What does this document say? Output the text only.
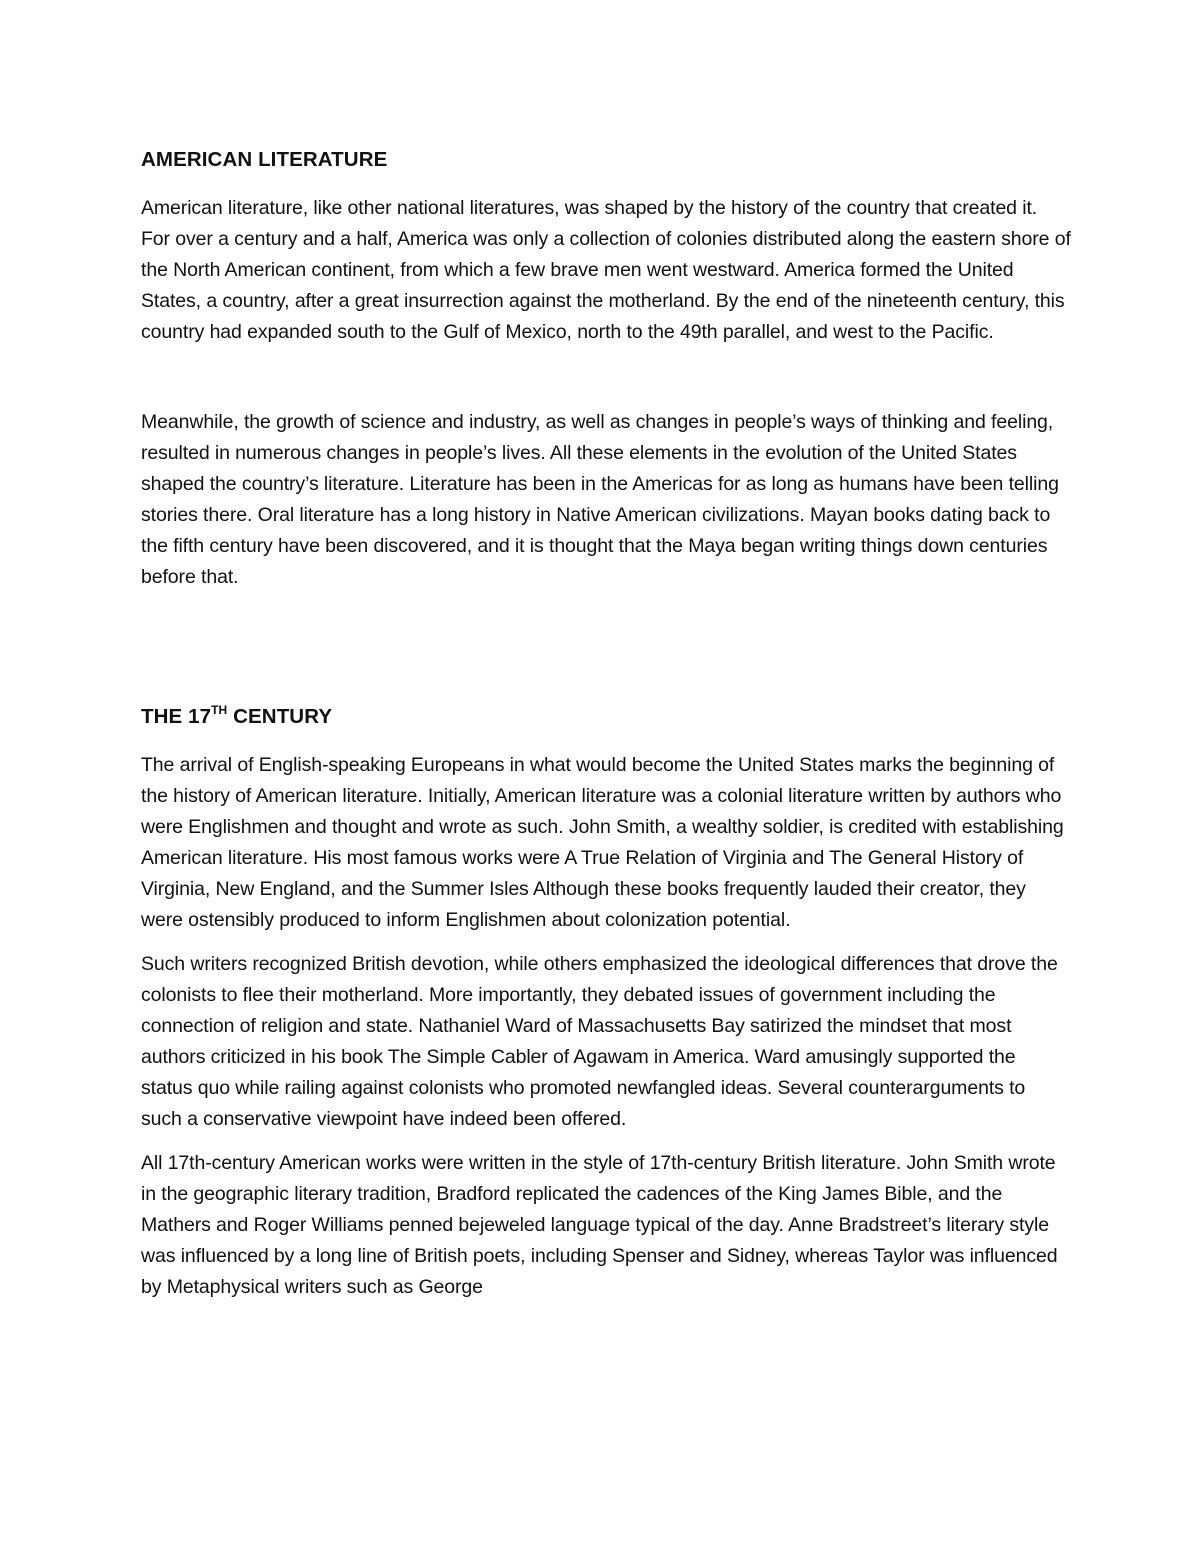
AMERICAN LITERATURE

American literature, like other national literatures, was shaped by the history of the country that created it. For over a century and a half, America was only a collection of colonies distributed along the eastern shore of the North American continent, from which a few brave men went westward. America formed the United States, a country, after a great insurrection against the motherland. By the end of the nineteenth century, this country had expanded south to the Gulf of Mexico, north to the 49th parallel, and west to the Pacific.

Meanwhile, the growth of science and industry, as well as changes in people’s ways of thinking and feeling, resulted in numerous changes in people’s lives. All these elements in the evolution of the United States shaped the country’s literature. Literature has been in the Americas for as long as humans have been telling stories there. Oral literature has a long history in Native American civilizations. Mayan books dating back to the fifth century have been discovered, and it is thought that the Maya began writing things down centuries before that.

THE 17TH CENTURY

The arrival of English-speaking Europeans in what would become the United States marks the beginning of the history of American literature. Initially, American literature was a colonial literature written by authors who were Englishmen and thought and wrote as such. John Smith, a wealthy soldier, is credited with establishing American literature. His most famous works were A True Relation of Virginia and The General History of Virginia, New England, and the Summer Isles Although these books frequently lauded their creator, they were ostensibly produced to inform Englishmen about colonization potential.

Such writers recognized British devotion, while others emphasized the ideological differences that drove the colonists to flee their motherland. More importantly, they debated issues of government including the connection of religion and state. Nathaniel Ward of Massachusetts Bay satirized the mindset that most authors criticized in his book The Simple Cabler of Agawam in America. Ward amusingly supported the status quo while railing against colonists who promoted newfangled ideas. Several counterarguments to such a conservative viewpoint have indeed been offered.

All 17th-century American works were written in the style of 17th-century British literature. John Smith wrote in the geographic literary tradition, Bradford replicated the cadences of the King James Bible, and the Mathers and Roger Williams penned bejeweled language typical of the day. Anne Bradstreet’s literary style was influenced by a long line of British poets, including Spenser and Sidney, whereas Taylor was influenced by Metaphysical writers such as George
